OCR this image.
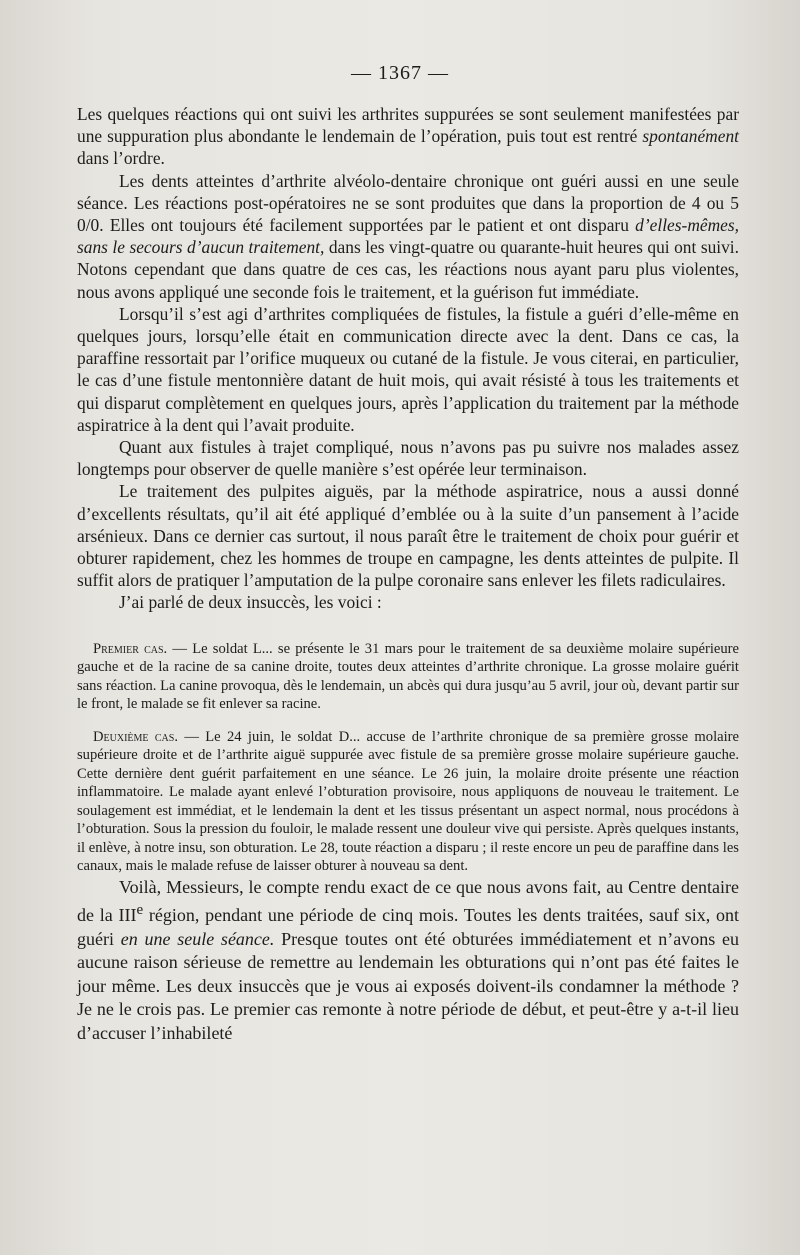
— 1367 —

Les quelques réactions qui ont suivi les arthrites suppurées se sont seulement manifestées par une suppuration plus abondante le lendemain de l’opération, puis tout est rentré spontanément dans l’ordre.

Les dents atteintes d’arthrite alvéolo-dentaire chronique ont guéri aussi en une seule séance. Les réactions post-opératoires ne se sont produites que dans la proportion de 4 ou 5 0/0. Elles ont toujours été facilement supportées par le patient et ont disparu d’elles-mêmes, sans le secours d’aucun traitement, dans les vingt-quatre ou quarante-huit heures qui ont suivi. Notons cependant que dans quatre de ces cas, les réactions nous ayant paru plus violentes, nous avons appliqué une seconde fois le traitement, et la guérison fut immédiate.

Lorsqu’il s’est agi d’arthrites compliquées de fistules, la fistule a guéri d’elle-même en quelques jours, lorsqu’elle était en communication directe avec la dent. Dans ce cas, la paraffine ressortait par l’orifice muqueux ou cutané de la fistule. Je vous citerai, en particulier, le cas d’une fistule mentonnière datant de huit mois, qui avait résisté à tous les traitements et qui disparut complètement en quelques jours, après l’application du traitement par la méthode aspiratrice à la dent qui l’avait produite.

Quant aux fistules à trajet compliqué, nous n’avons pas pu suivre nos malades assez longtemps pour observer de quelle manière s’est opérée leur terminaison.

Le traitement des pulpites aiguës, par la méthode aspiratrice, nous a aussi donné d’excellents résultats, qu’il ait été appliqué d’emblée ou à la suite d’un pansement à l’acide arsénieux. Dans ce dernier cas surtout, il nous paraît être le traitement de choix pour guérir et obturer rapidement, chez les hommes de troupe en campagne, les dents atteintes de pulpite. Il suffit alors de pratiquer l’amputation de la pulpe coronaire sans enlever les filets radiculaires.

J’ai parlé de deux insuccès, les voici :

Premier cas. — Le soldat L... se présente le 31 mars pour le traitement de sa deuxième molaire supérieure gauche et de la racine de sa canine droite, toutes deux atteintes d’arthrite chronique. La grosse molaire guérit sans réaction. La canine provoqua, dès le lendemain, un abcès qui dura jusqu’au 5 avril, jour où, devant partir sur le front, le malade se fit enlever sa racine.

Deuxième cas. — Le 24 juin, le soldat D... accuse de l’arthrite chronique de sa première grosse molaire supérieure droite et de l’arthrite aiguë suppurée avec fistule de sa première grosse molaire supérieure gauche. Cette dernière dent guérit parfaitement en une séance. Le 26 juin, la molaire droite présente une réaction inflammatoire. Le malade ayant enlevé l’obturation provisoire, nous appliquons de nouveau le traitement. Le soulagement est immédiat, et le lendemain la dent et les tissus présentant un aspect normal, nous procédons à l’obturation. Sous la pression du fouloir, le malade ressent une douleur vive qui persiste. Après quelques instants, il enlève, à notre insu, son obturation. Le 28, toute réaction a disparu ; il reste encore un peu de paraffine dans les canaux, mais le malade refuse de laisser obturer à nouveau sa dent.

Voilà, Messieurs, le compte rendu exact de ce que nous avons fait, au Centre dentaire de la IIIe région, pendant une période de cinq mois. Toutes les dents traitées, sauf six, ont guéri en une seule séance. Presque toutes ont été obturées immédiatement et n’avons eu aucune raison sérieuse de remettre au lendemain les obturations qui n’ont pas été faites le jour même. Les deux insuccès que je vous ai exposés doivent-ils condamner la méthode ? Je ne le crois pas. Le premier cas remonte à notre période de début, et peut-être y a-t-il lieu d’accuser l’inhabileté
